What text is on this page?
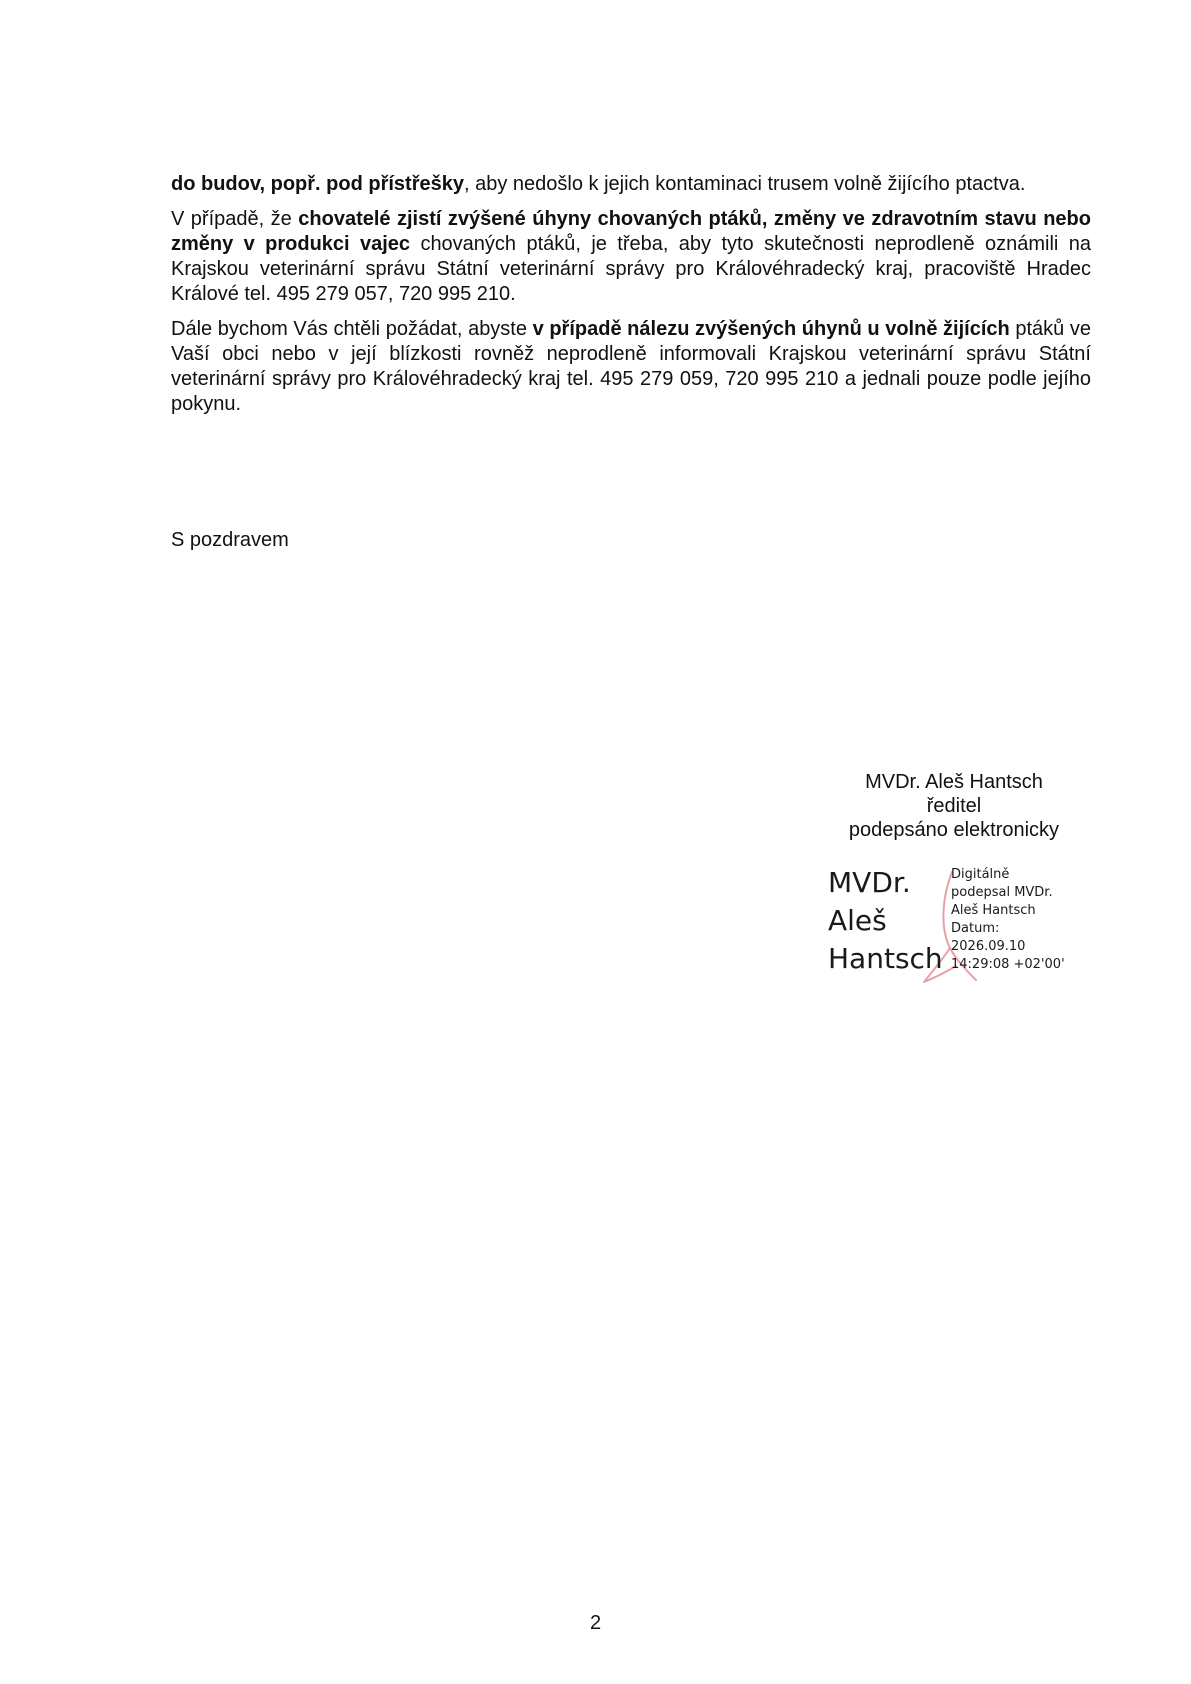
do budov, popř. pod přístřešky, aby nedošlo k jejich kontaminaci trusem volně žijícího ptactva.

V případě, že chovatelé zjistí zvýšené úhyny chovaných ptáků, změny ve zdravotním stavu nebo změny v produkci vajec chovaných ptáků, je třeba, aby tyto skutečnosti neprodleně oznámili na Krajskou veterinární správu Státní veterinární správy pro Královéhradecký kraj, pracoviště Hradec Králové tel. 495 279 057, 720 995 210.

Dále bychom Vás chtěli požádat, abyste v případě nálezu zvýšených úhynů u volně žijících ptáků ve Vaší obci nebo v její blízkosti rovněž neprodleně informovali Krajskou veterinární správu Státní veterinární správy pro Královéhradecký kraj tel. 495 279 059, 720 995 210 a jednali pouze podle jejího pokynu.

S pozdravem
MVDr. Aleš Hantsch
ředitel
podepsáno elektronicky
MVDr.
Aleš
Hantsch
Digitálně
podepsal MVDr.
Aleš Hantsch
Datum:
2026.09.10
14:29:08 +02'00'
2
